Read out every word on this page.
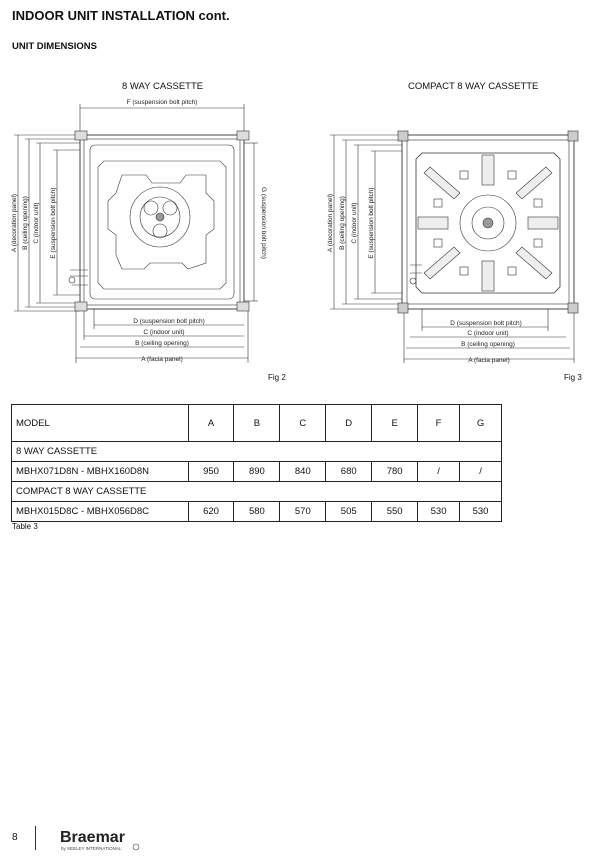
INDOOR UNIT INSTALLATION cont.
UNIT DIMENSIONS
8 WAY CASSETTE	COMPACT 8 WAY CASSETTE
F (suspension bolt pitch)
D (suspension bolt pitch)
C (indoor unit)
B (ceiling opening)
A (facia panel)
A (decoration panel) B (ceiling opening) C (indoor unit) E (suspension bolt pitch)	G (suspension bolt pitch)
Fig 2
D (suspension bolt pitch)
C (indoor unit)
B (ceiling opening)
A (facia panel)
A (decoration panel) B (ceiling opening) C (indoor unit) E (suspension bolt pitch)
Fig 3
MODEL	A	B	C	D	E	F	G
8 WAY CASSETTE							
MBHX071D8N - MBHX160D8N	950	890	840	680	780	/	/
COMPACT 8 WAY CASSETTE							
MBHX015D8C - MBHX056D8C	620	580	570	505	550	530	530
Table 3
8	Braemar
by SEELEY INTERNATIONAL
